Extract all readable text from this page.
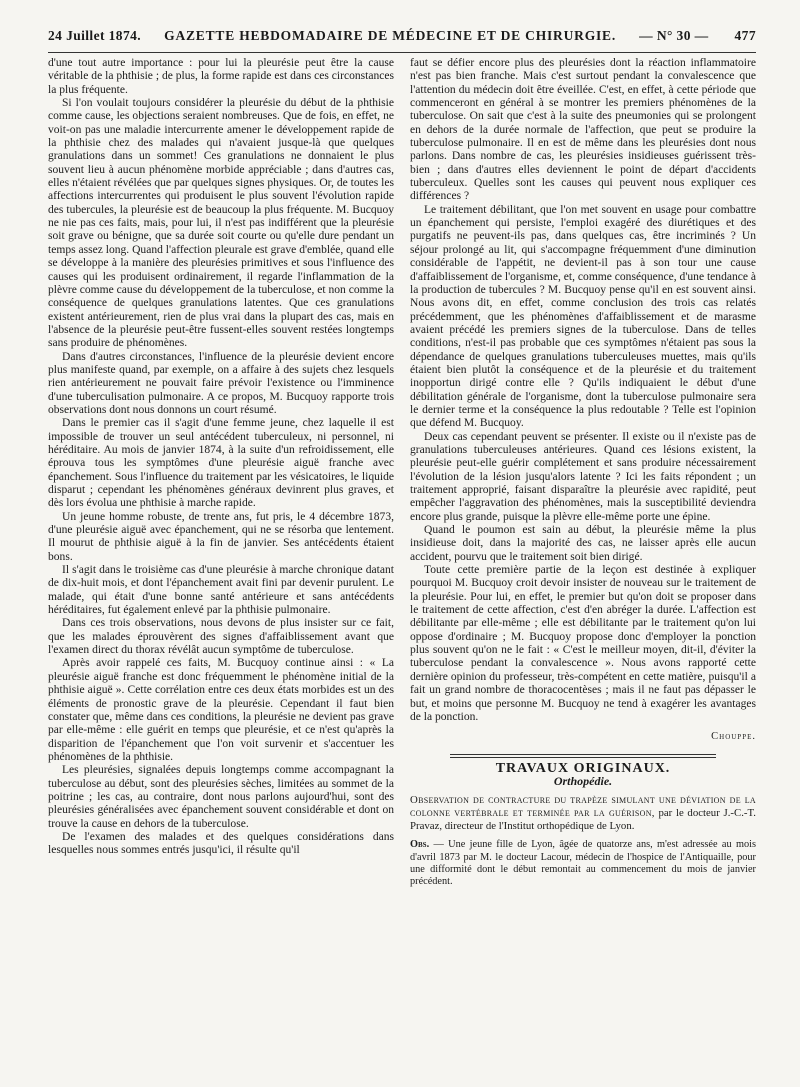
24 Juillet 1874. GAZETTE HEBDOMADAIRE DE MÉDECINE ET DE CHIRURGIE. — N° 30 — 477

d'une tout autre importance : pour lui la pleurésie peut être la cause véritable de la phthisie ; de plus, la forme rapide est dans ces circonstances la plus fréquente.

Si l'on voulait toujours considérer la pleurésie du début de la phthisie comme cause, les objections seraient nombreuses. Que de fois, en effet, ne voit-on pas une maladie intercurrente amener le développement rapide de la phthisie chez des malades qui n'avaient jusque-là que quelques granulations dans un sommet! Ces granulations ne donnaient le plus souvent lieu à aucun phénomène morbide appréciable ; dans d'autres cas, elles n'étaient révélées que par quelques signes physiques. Or, de toutes les affections intercurrentes qui produisent le plus souvent l'évolution rapide des tubercules, la pleurésie est de beaucoup la plus fréquente. M. Bucquoy ne nie pas ces faits, mais, pour lui, il n'est pas indifférent que la pleurésie soit grave ou bénigne, que sa durée soit courte ou qu'elle dure pendant un temps assez long. Quand l'affection pleurale est grave d'emblée, quand elle se développe à la manière des pleurésies primitives et sous l'influence des causes qui les produisent ordinairement, il regarde l'inflammation de la plèvre comme cause du développement de la tuberculose, et non comme la conséquence de quelques granulations latentes. Que ces granulations existent antérieurement, rien de plus vrai dans la plupart des cas, mais en l'absence de la pleurésie peut-être fussent-elles souvent restées longtemps sans produire de phénomènes.

Dans d'autres circonstances, l'influence de la pleurésie devient encore plus manifeste quand, par exemple, on a affaire à des sujets chez lesquels rien antérieurement ne pouvait faire prévoir l'existence ou l'imminence d'une tuberculisation pulmonaire. A ce propos, M. Bucquoy rapporte trois observations dont nous donnons un court résumé.

Dans le premier cas il s'agit d'une femme jeune, chez laquelle il est impossible de trouver un seul antécédent tuberculeux, ni personnel, ni héréditaire. Au mois de janvier 1874, à la suite d'un refroidissement, elle éprouva tous les symptômes d'une pleurésie aiguë franche avec épanchement. Sous l'influence du traitement par les vésicatoires, le liquide disparut ; cependant les phénomènes généraux devinrent plus graves, et dès lors évolua une phthisie à marche rapide.

Un jeune homme robuste, de trente ans, fut pris, le 4 décembre 1873, d'une pleurésie aiguë avec épanchement, qui ne se résorba que lentement. Il mourut de phthisie aiguë à la fin de janvier. Ses antécédents étaient bons.

Il s'agit dans le troisième cas d'une pleurésie à marche chronique datant de dix-huit mois, et dont l'épanchement avait fini par devenir purulent. Le malade, qui était d'une bonne santé antérieure et sans antécédents héréditaires, fut également enlevé par la phthisie pulmonaire.

Dans ces trois observations, nous devons de plus insister sur ce fait, que les malades éprouvèrent des signes d'affaiblissement avant que l'examen direct du thorax révélât aucun symptôme de tuberculose.

Après avoir rappelé ces faits, M. Bucquoy continue ainsi : « La pleurésie aiguë franche est donc fréquemment le phénomène initial de la phthisie aiguë ». Cette corrélation entre ces deux états morbides est un des éléments de pronostic grave de la pleurésie. Cependant il faut bien constater que, même dans ces conditions, la pleurésie ne devient pas grave par elle-même : elle guérit en temps que pleurésie, et ce n'est qu'après la disparition de l'épanchement que l'on voit survenir et s'accentuer les phénomènes de la phthisie.

Les pleurésies, signalées depuis longtemps comme accompagnant la tuberculose au début, sont des pleurésies sèches, limitées au sommet de la poitrine ; les cas, au contraire, dont nous parlons aujourd'hui, sont des pleurésies généralisées avec épanchement souvent considérable et dont on trouve la cause en dehors de la tuberculose.

De l'examen des malades et des quelques considérations dans lesquelles nous sommes entrés jusqu'ici, il résulte qu'il

faut se défier encore plus des pleurésies dont la réaction inflammatoire n'est pas bien franche. Mais c'est surtout pendant la convalescence que l'attention du médecin doit être éveillée. C'est, en effet, à cette période que commenceront en général à se montrer les premiers phénomènes de la tuberculose. On sait que c'est à la suite des pneumonies qui se prolongent en dehors de la durée normale de l'affection, que peut se produire la tuberculose pulmonaire. Il en est de même dans les pleurésies dont nous parlons. Dans nombre de cas, les pleurésies insidieuses guérissent très-bien ; dans d'autres elles deviennent le point de départ d'accidents tuberculeux. Quelles sont les causes qui peuvent nous expliquer ces différences ?

Le traitement débilitant, que l'on met souvent en usage pour combattre un épanchement qui persiste, l'emploi exagéré des diurétiques et des purgatifs ne peuvent-ils pas, dans quelques cas, être incriminés ? Un séjour prolongé au lit, qui s'accompagne fréquemment d'une diminution considérable de l'appétit, ne devient-il pas à son tour une cause d'affaiblissement de l'organisme, et, comme conséquence, d'une tendance à la production de tubercules ? M. Bucquoy pense qu'il en est souvent ainsi. Nous avons dit, en effet, comme conclusion des trois cas relatés précédemment, que les phénomènes d'affaiblissement et de marasme avaient précédé les premiers signes de la tuberculose. Dans de telles conditions, n'est-il pas probable que ces symptômes n'étaient pas sous la dépendance de quelques granulations tuberculeuses muettes, mais qu'ils étaient bien plutôt la conséquence et de la pleurésie et du traitement inopportun dirigé contre elle ? Qu'ils indiquaient le début d'une débilitation générale de l'organisme, dont la tuberculose pulmonaire sera le dernier terme et la conséquence la plus redoutable ? Telle est l'opinion que défend M. Bucquoy.

Deux cas cependant peuvent se présenter. Il existe ou il n'existe pas de granulations tuberculeuses antérieures. Quand ces lésions existent, la pleurésie peut-elle guérir complétement et sans produire nécessairement l'évolution de la lésion jusqu'alors latente ? Ici les faits répondent ; un traitement approprié, faisant disparaître la pleurésie avec rapidité, peut empêcher l'aggravation des phénomènes, mais la susceptibilité deviendra encore plus grande, puisque la plèvre elle-même porte une épine.

Quand le poumon est sain au début, la pleurésie même la plus insidieuse doit, dans la majorité des cas, ne laisser après elle aucun accident, pourvu que le traitement soit bien dirigé.

Toute cette première partie de la leçon est destinée à expliquer pourquoi M. Bucquoy croit devoir insister de nouveau sur le traitement de la pleurésie. Pour lui, en effet, le premier but qu'on doit se proposer dans le traitement de cette affection, c'est d'en abréger la durée. L'affection est débilitante par elle-même ; elle est débilitante par le traitement qu'on lui oppose d'ordinaire ; M. Bucquoy propose donc d'employer la ponction plus souvent qu'on ne le fait : « C'est le meilleur moyen, dit-il, d'éviter la tuberculose pendant la convalescence ». Nous avons rapporté cette dernière opinion du professeur, très-compétent en cette matière, puisqu'il a fait un grand nombre de thoracocentèses ; mais il ne faut pas dépasser le but, et moins que personne M. Bucquoy ne tend à exagérer les avantages de la ponction.

Chouppe.
TRAVAUX ORIGINAUX.
Orthopédie.
Observation de contracture du trapèze simulant une déviation de la colonne vertébrale et terminée par la guérison, par le docteur J.-C.-T. Pravaz, directeur de l'Institut orthopédique de Lyon.
Obs. — Une jeune fille de Lyon, âgée de quatorze ans, m'est adressée au mois d'avril 1873 par M. le docteur Lacour, médecin de l'hospice de l'Antiquaille, pour une difformité dont le début remontait au commencement du mois de janvier précédent.
